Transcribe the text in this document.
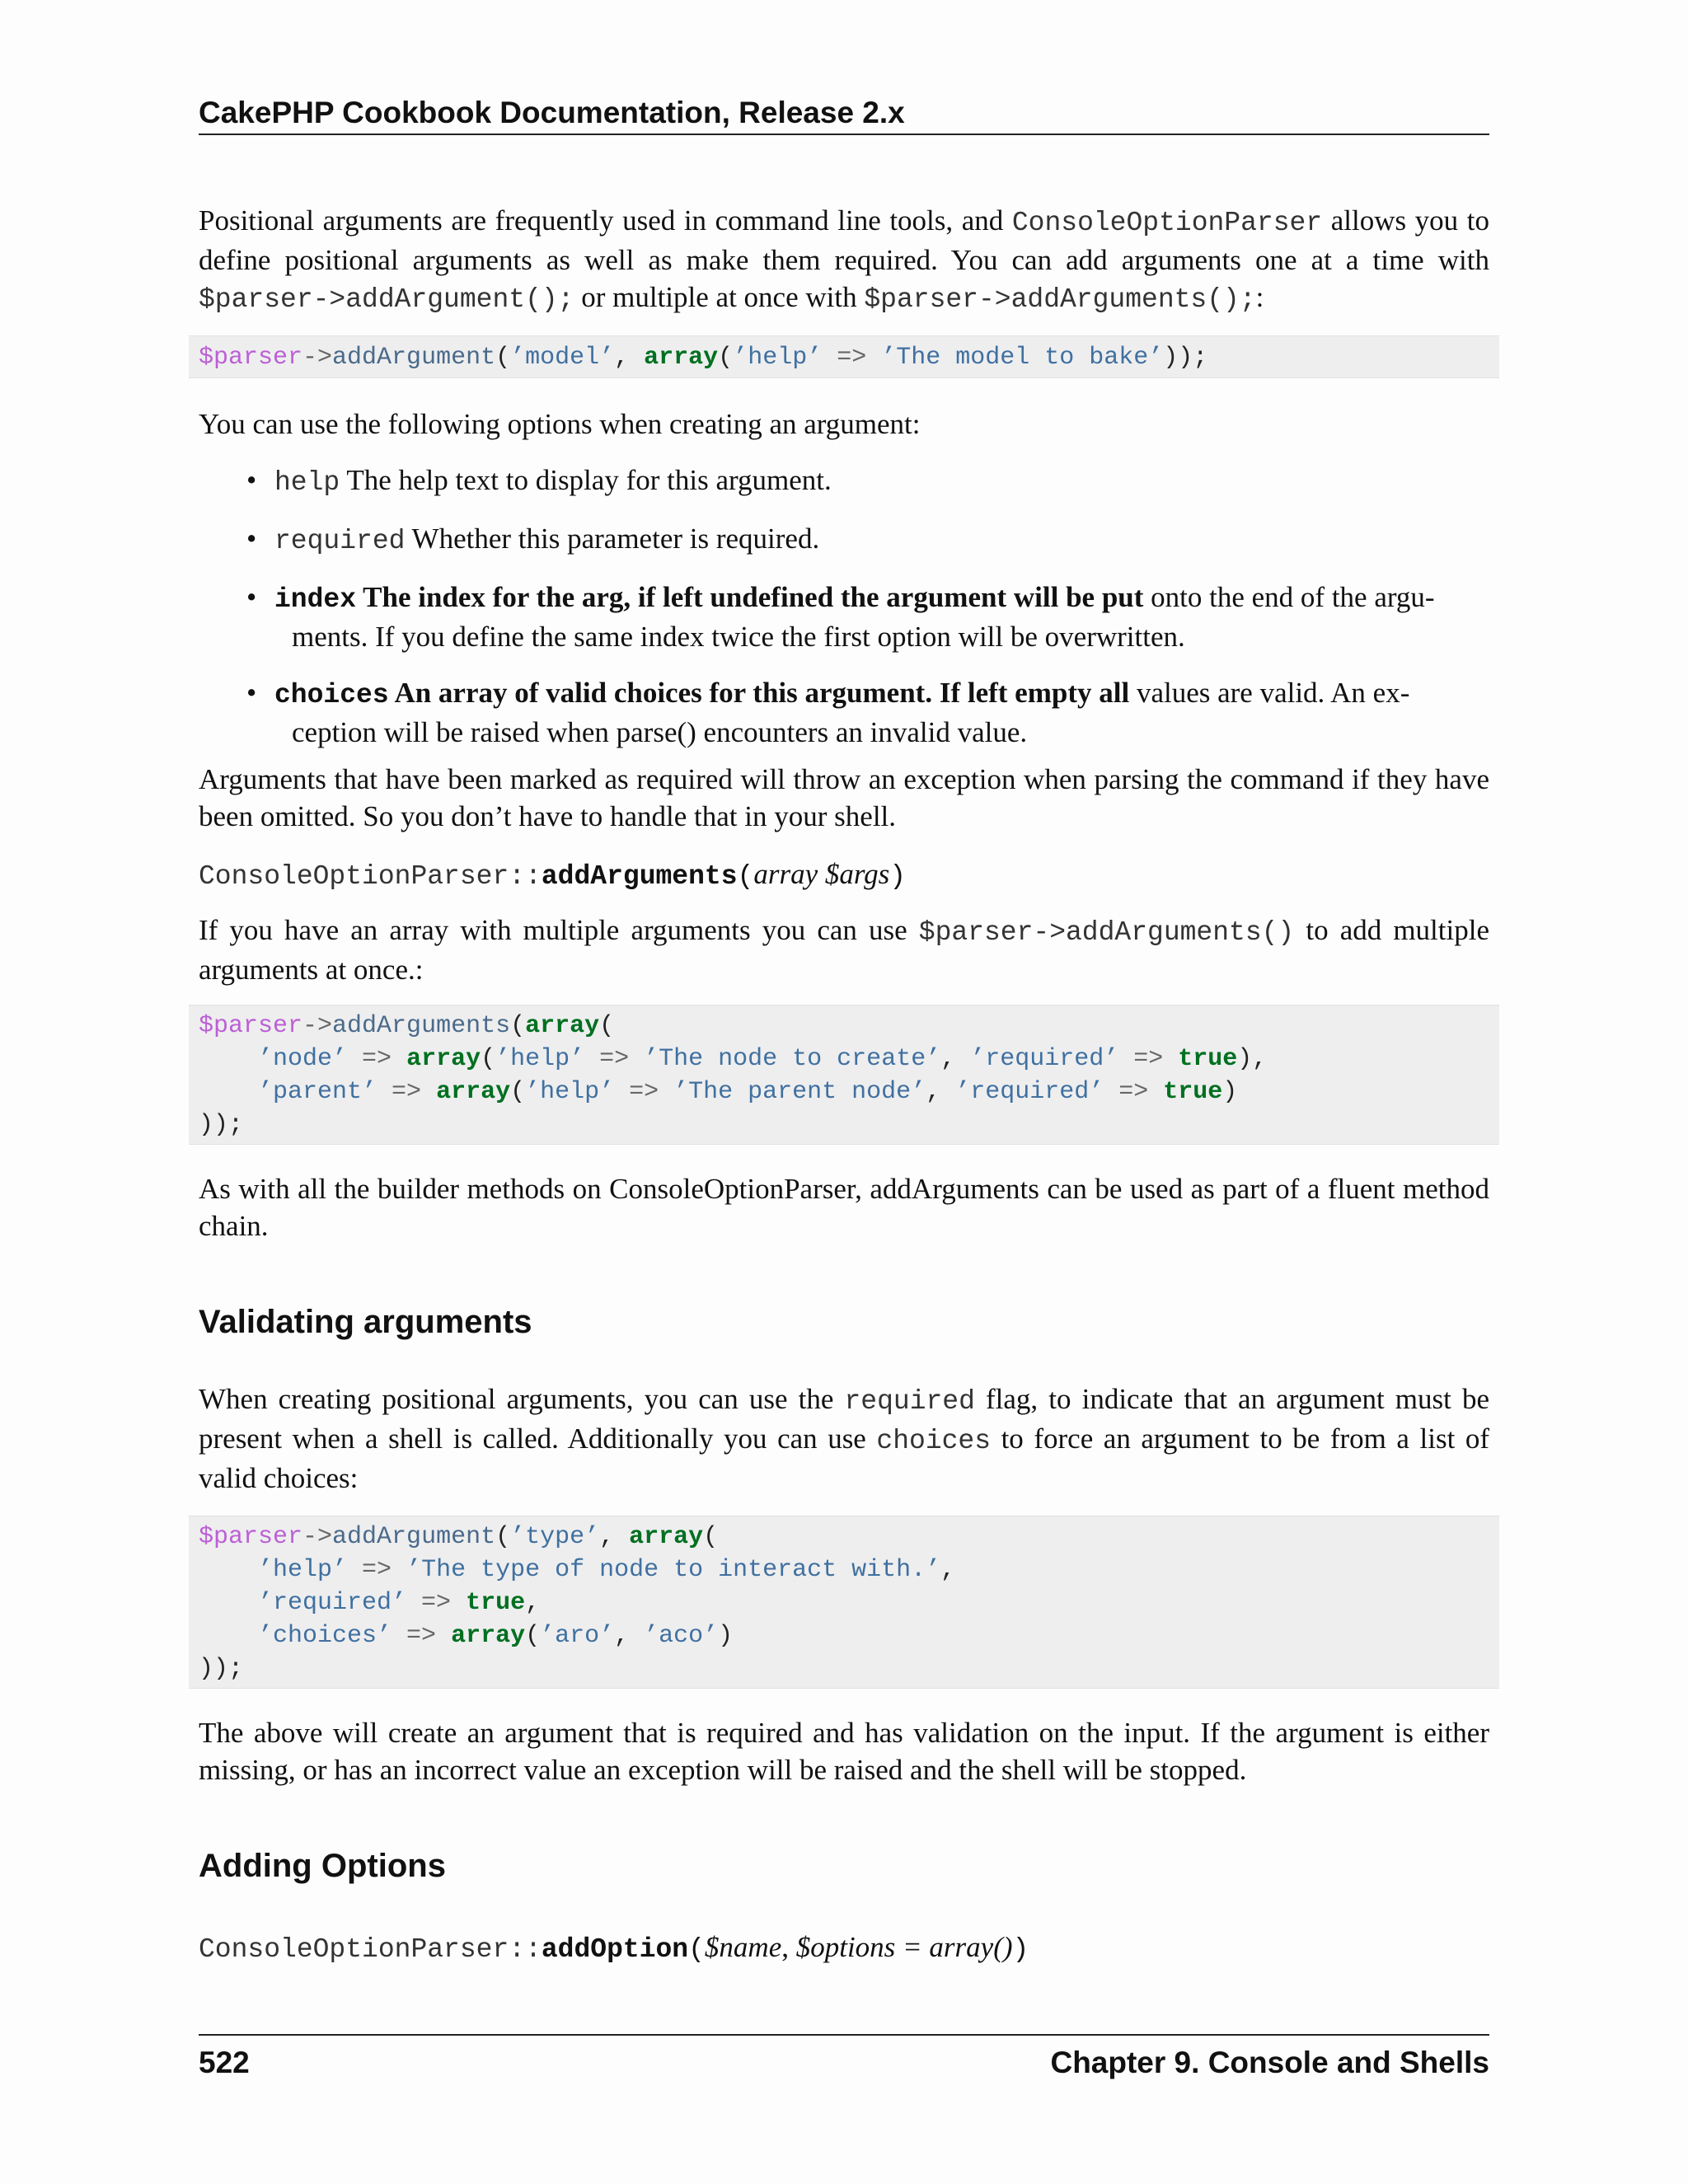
CakePHP Cookbook Documentation, Release 2.x

Positional arguments are frequently used in command line tools, and ConsoleOptionParser allows you to define positional arguments as well as make them required. You can add arguments one at a time with $parser->addArgument(); or multiple at once with $parser->addArguments();:

$parser->addArgument(’model’, array(’help’ => ’The model to bake’));

You can use the following options when creating an argument:

• help The help text to display for this argument.
• required Whether this parameter is required.
• index The index for the arg, if left undefined the argument will be put onto the end of the argu-
ments. If you define the same index twice the first option will be overwritten.
• choices An array of valid choices for this argument. If left empty all values are valid. An ex-
ception will be raised when parse() encounters an invalid value.

Arguments that have been marked as required will throw an exception when parsing the command if they have been omitted. So you don’t have to handle that in your shell.

ConsoleOptionParser::addArguments(array $args)

If you have an array with multiple arguments you can use $parser->addArguments() to add multiple arguments at once.:

$parser->addArguments(array(
’node’ => array(’help’ => ’The node to create’, ’required’ => true),
’parent’ => array(’help’ => ’The parent node’, ’required’ => true)
));

As with all the builder methods on ConsoleOptionParser, addArguments can be used as part of a fluent method chain.

Validating arguments

When creating positional arguments, you can use the required flag, to indicate that an argument must be present when a shell is called. Additionally you can use choices to force an argument to be from a list of valid choices:

$parser->addArgument(’type’, array(
’help’ => ’The type of node to interact with.’,
’required’ => true,
’choices’ => array(’aro’, ’aco’)
));

The above will create an argument that is required and has validation on the input. If the argument is either missing, or has an incorrect value an exception will be raised and the shell will be stopped.

Adding Options
ConsoleOptionParser::addOption($name, $options = array())
522	Chapter 9. Console and Shells
